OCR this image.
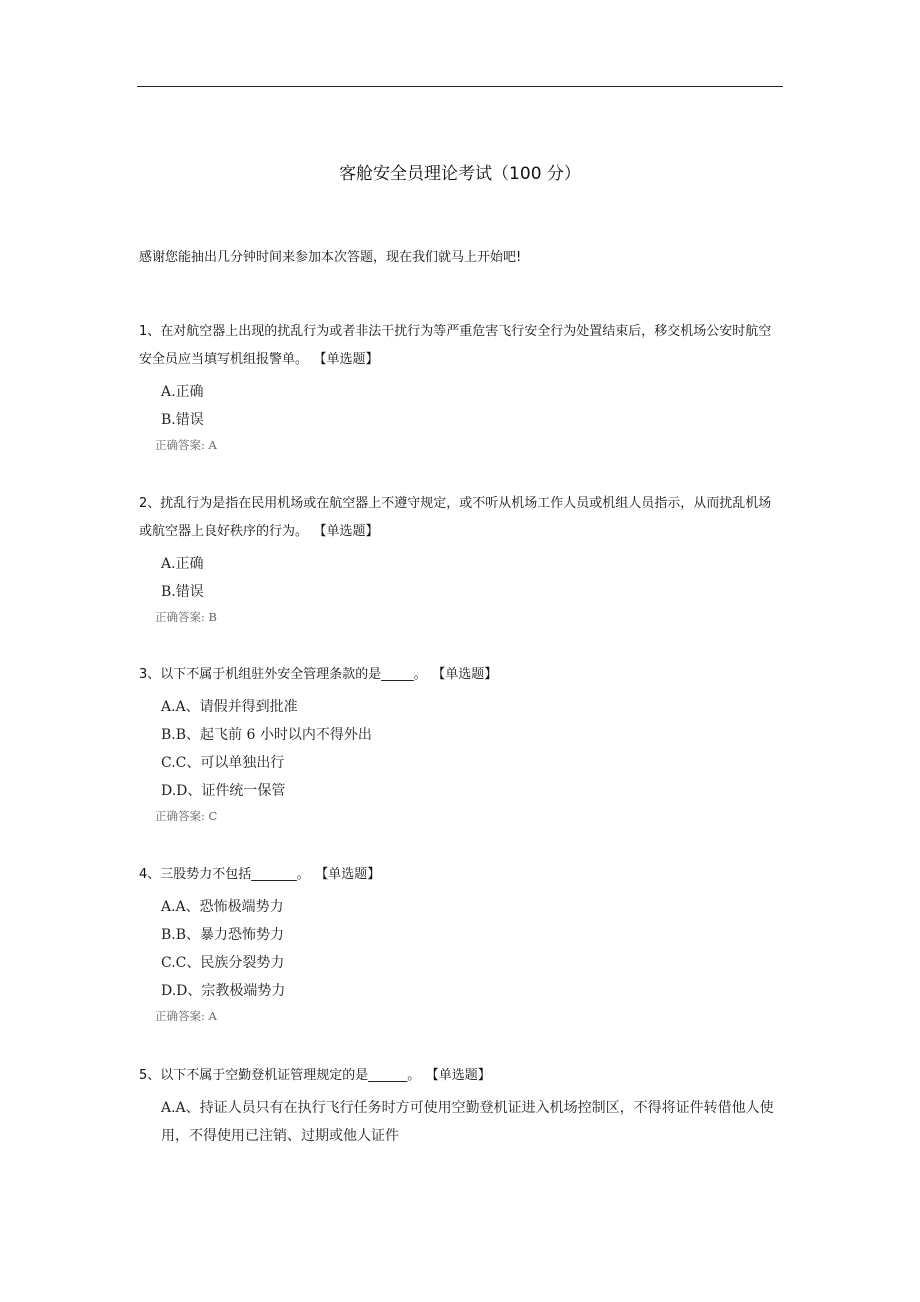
客舱安全员理论考试（100 分）
感谢您能抽出几分钟时间来参加本次答题，现在我们就马上开始吧!

1、在对航空器上出现的扰乱行为或者非法干扰行为等严重危害飞行安全行为处置结束后，移交机场公安时航空安全员应当填写机组报警单。 【单选题】

A.正确
B.错误
正确答案: A

2、扰乱行为是指在民用机场或在航空器上不遵守规定，或不听从机场工作人员或机组人员指示，从而扰乱机场或航空器上良好秩序的行为。 【单选题】

A.正确
B.错误
正确答案: B

3、以下不属于机组驻外安全管理条款的是_____。 【单选题】

A.A、请假并得到批准
B.B、起飞前 6 小时以内不得外出
C.C、可以单独出行
D.D、证件统一保管
正确答案: C

4、三股势力不包括_______。 【单选题】

A.A、恐怖极端势力
B.B、暴力恐怖势力
C.C、民族分裂势力
D.D、宗教极端势力
正确答案: A

5、以下不属于空勤登机证管理规定的是______。 【单选题】

A.A、持证人员只有在执行飞行任务时方可使用空勤登机证进入机场控制区，不得将证件转借他人使用，不得使用已注销、过期或他人证件
